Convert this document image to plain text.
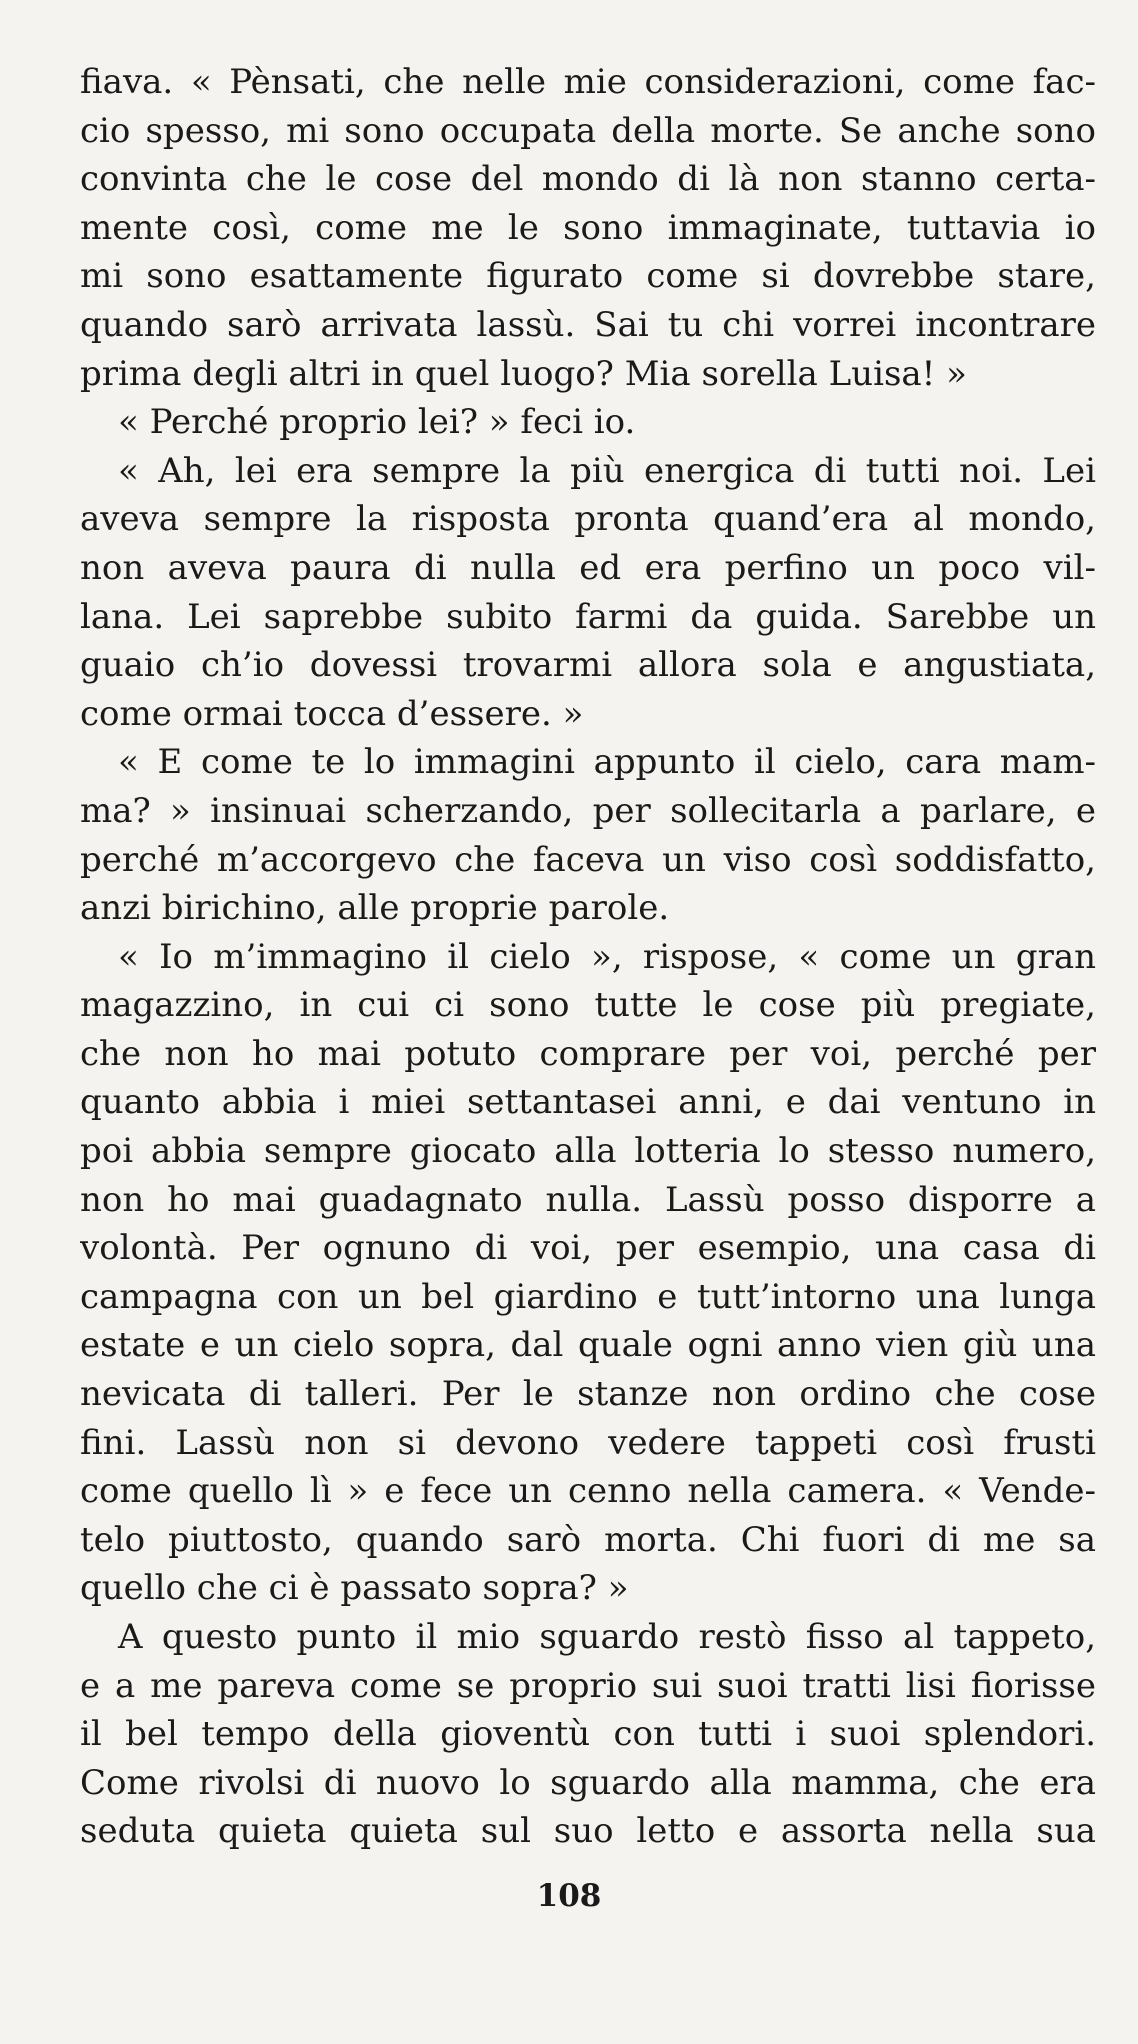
fiava. « Pènsati, che nelle mie considerazioni, come fac-
cio spesso, mi sono occupata della morte. Se anche sono
convinta che le cose del mondo di là non stanno certa-
mente così, come me le sono immaginate, tuttavia io
mi sono esattamente figurato come si dovrebbe stare,
quando sarò arrivata lassù. Sai tu chi vorrei incontrare
prima degli altri in quel luogo? Mia sorella Luisa! »
« Perché proprio lei? » feci io.
« Ah, lei era sempre la più energica di tutti noi. Lei
aveva sempre la risposta pronta quand’era al mondo,
non aveva paura di nulla ed era perfino un poco vil-
lana. Lei saprebbe subito farmi da guida. Sarebbe un
guaio ch’io dovessi trovarmi allora sola e angustiata,
come ormai tocca d’essere. »
« E come te lo immagini appunto il cielo, cara mam-
ma? » insinuai scherzando, per sollecitarla a parlare, e
perché m’accorgevo che faceva un viso così soddisfatto,
anzi birichino, alle proprie parole.
« Io m’immagino il cielo », rispose, « come un gran
magazzino, in cui ci sono tutte le cose più pregiate,
che non ho mai potuto comprare per voi, perché per
quanto abbia i miei settantasei anni, e dai ventuno in
poi abbia sempre giocato alla lotteria lo stesso numero,
non ho mai guadagnato nulla. Lassù posso disporre a
volontà. Per ognuno di voi, per esempio, una casa di
campagna con un bel giardino e tutt’intorno una lunga
estate e un cielo sopra, dal quale ogni anno vien giù una
nevicata di talleri. Per le stanze non ordino che cose
fini. Lassù non si devono vedere tappeti così frusti
come quello lì » e fece un cenno nella camera. « Vende-
telo piuttosto, quando sarò morta. Chi fuori di me sa
quello che ci è passato sopra? »
A questo punto il mio sguardo restò fisso al tappeto,
e a me pareva come se proprio sui suoi tratti lisi fiorisse
il bel tempo della gioventù con tutti i suoi splendori.
Come rivolsi di nuovo lo sguardo alla mamma, che era
seduta quieta quieta sul suo letto e assorta nella sua
108
